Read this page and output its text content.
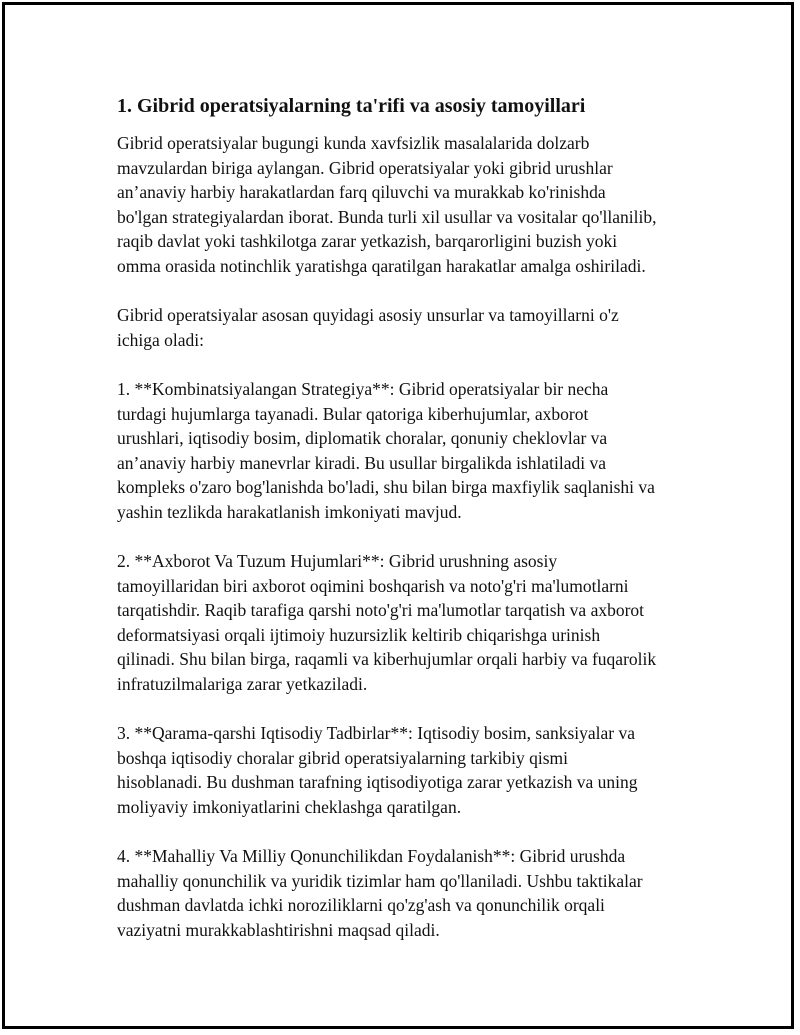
1. Gibrid operatsiyalarning ta'rifi va asosiy tamoyillari

Gibrid operatsiyalar bugungi kunda xavfsizlik masalalarida dolzarb
mavzulardan biriga aylangan. Gibrid operatsiyalar yoki gibrid urushlar
an’anaviy harbiy harakatlardan farq qiluvchi va murakkab ko'rinishda
bo'lgan strategiyalardan iborat. Bunda turli xil usullar va vositalar qo'llanilib,
raqib davlat yoki tashkilotga zarar yetkazish, barqarorligini buzish yoki
omma orasida notinchlik yaratishga qaratilgan harakatlar amalga oshiriladi.

Gibrid operatsiyalar asosan quyidagi asosiy unsurlar va tamoyillarni o'z
ichiga oladi:

1. **Kombinatsiyalangan Strategiya**: Gibrid operatsiyalar bir necha
turdagi hujumlarga tayanadi. Bular qatoriga kiberhujumlar, axborot
urushlari, iqtisodiy bosim, diplomatik choralar, qonuniy cheklovlar va
an’anaviy harbiy manevrlar kiradi. Bu usullar birgalikda ishlatiladi va
kompleks o'zaro bog'lanishda bo'ladi, shu bilan birga maxfiylik saqlanishi va
yashin tezlikda harakatlanish imkoniyati mavjud.

2. **Axborot Va Tuzum Hujumlari**: Gibrid urushning asosiy
tamoyillaridan biri axborot oqimini boshqarish va noto'g'ri ma'lumotlarni
tarqatishdir. Raqib tarafiga qarshi noto'g'ri ma'lumotlar tarqatish va axborot
deformatsiyasi orqali ijtimoiy huzursizlik keltirib chiqarishga urinish
qilinadi. Shu bilan birga, raqamli va kiberhujumlar orqali harbiy va fuqarolik
infratuzilmalariga zarar yetkaziladi.

3. **Qarama-qarshi Iqtisodiy Tadbirlar**: Iqtisodiy bosim, sanksiyalar va
boshqa iqtisodiy choralar gibrid operatsiyalarning tarkibiy qismi
hisoblanadi. Bu dushman tarafning iqtisodiyotiga zarar yetkazish va uning
moliyaviy imkoniyatlarini cheklashga qaratilgan.

4. **Mahalliy Va Milliy Qonunchilikdan Foydalanish**: Gibrid urushda
mahalliy qonunchilik va yuridik tizimlar ham qo'llaniladi. Ushbu taktikalar
dushman davlatda ichki noroziliklarni qo'zg'ash va qonunchilik orqali
vaziyatni murakkablashtirishni maqsad qiladi.
